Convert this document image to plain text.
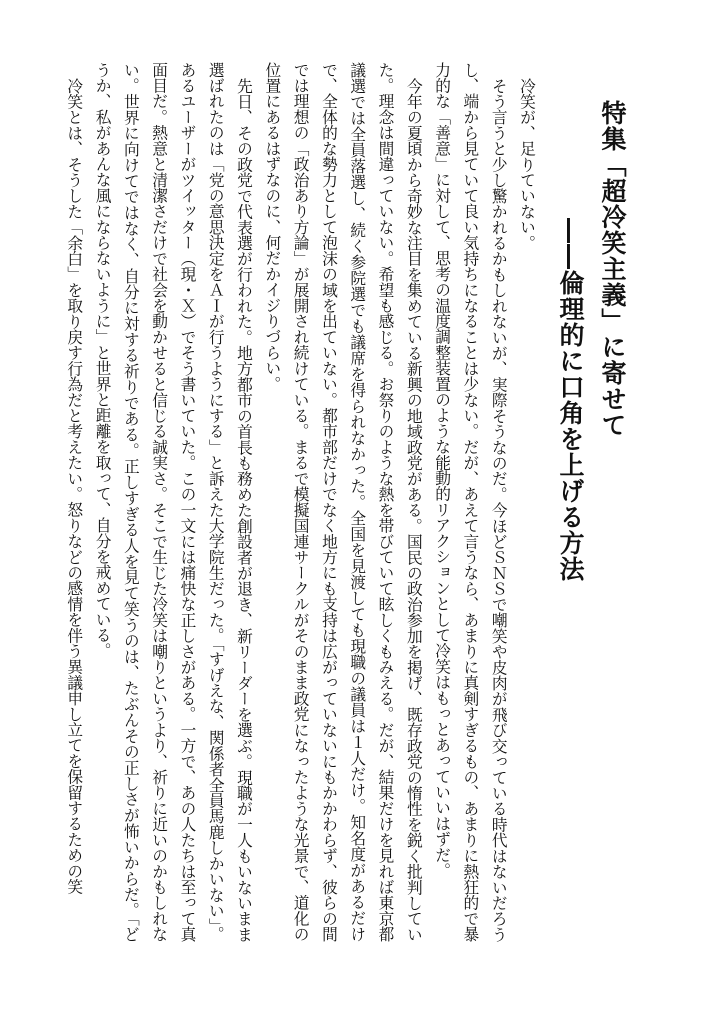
特集「超冷笑主義」に寄せて
――倫理的に口角を上げる方法

冷笑が、足りていない。

そう言うと少し驚かれるかもしれないが、実際そうなのだ。今ほどＳＮＳで嘲笑や皮肉が飛び交っている時代はないだろうし、端から見ていて良い気持ちになることは少ない。だが、あえて言うなら、あまりに真剣すぎるもの、あまりに熱狂的で暴力的な「善意」に対して、思考の温度調整装置のような能動的リアクションとして冷笑はもっとあっていいはずだ。

今年の夏頃から奇妙な注目を集めている新興の地域政党がある。国民の政治参加を掲げ、既存政党の惰性を鋭く批判していた。理念は間違っていない。希望も感じる。お祭りのような熱を帯びていて眩しくもみえる。だが、結果だけを見れば東京都議選では全員落選し、続く参院選でも議席を得られなかった。全国を見渡しても現職の議員は１人だけ。知名度があるだけで、全体的な勢力として泡沫の域を出ていない。都市部だけでなく地方にも支持は広がっていないにもかかわらず、彼らの間では理想の「政治あり方論」が展開され続けている。まるで模擬国連サークルがそのまま政党になったような光景で、道化の位置にあるはずなのに、何だかイジりづらい。

先日、その政党で代表選が行われた。地方都市の首長も務めた創設者が退き、新リーダーを選ぶ。現職が一人もいないまま選ばれたのは「党の意思決定をＡＩが行うようにする」と訴えた大学院生だった。「すげえな、関係者全員馬鹿しかいない」。あるユーザーがツイッター（現・Ｘ）でそう書いていた。この一文には痛快な正しさがある。一方で、あの人たちは至って真面目だ。熱意と清潔さだけで社会を動かせると信じる誠実さ。そこで生じた冷笑は嘲りというより、祈りに近いのかもしれない。世界に向けてではなく、自分に対する祈りである。正しすぎる人を見て笑うのは、たぶんその正しさが怖いからだ。「どうか、私があんな風にならないように」と世界と距離を取って、自分を戒めている。

冷笑とは、そうした「余白」を取り戻す行為だと考えたい。怒りなどの感情を伴う異議申し立てを保留するための笑
